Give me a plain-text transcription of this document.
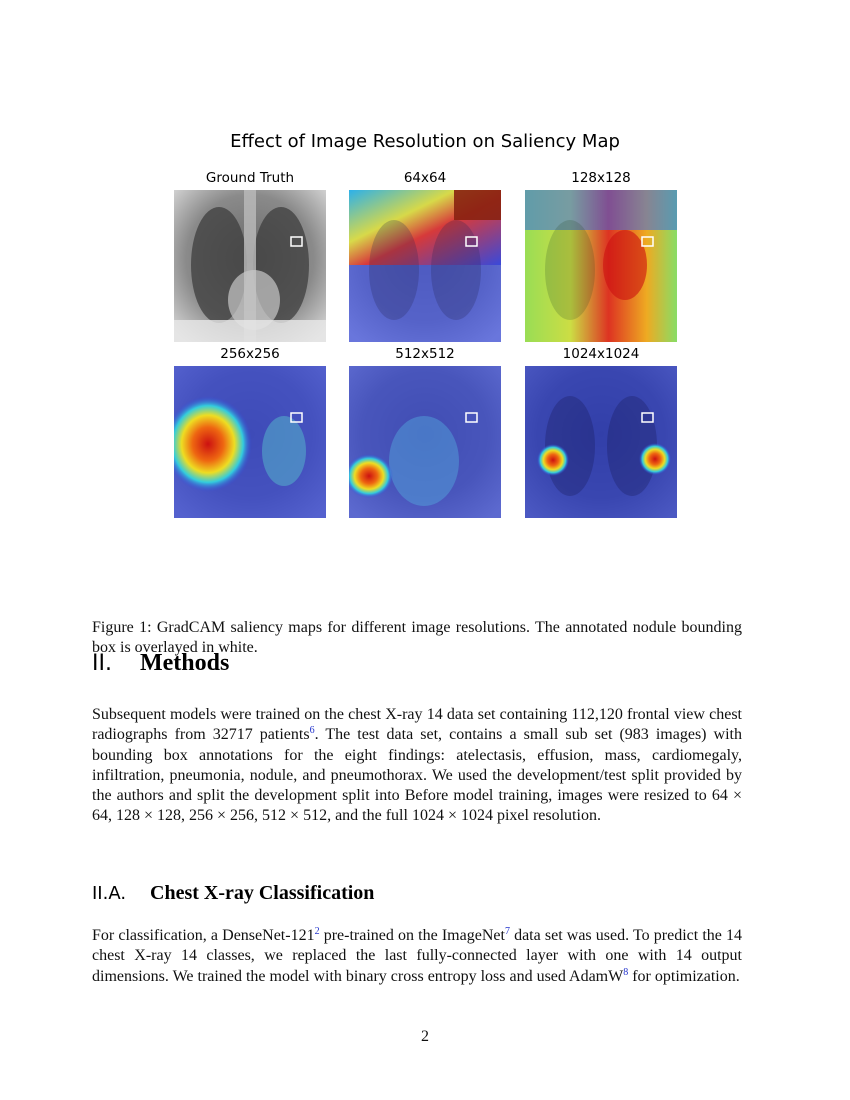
Effect of Image Resolution on Saliency Map
Ground Truth	64x64	128x128
256x256	512x512	1024x1024
Figure 1: GradCAM saliency maps for different image resolutions. The annotated nodule bounding box is overlayed in white.
II. Methods
Subsequent models were trained on the chest X-ray 14 data set containing 112,120 frontal view chest radiographs from 32717 patients$^6$. The test data set, contains a small sub set (983 images) with bounding box annotations for the eight findings: atelectasis, effusion, mass, cardiomegaly, infiltration, pneumonia, nodule, and pneumothorax. We used the development/test split provided by the authors and split the development split into Before model training, images were resized to 64 × 64, 128 × 128, 256 × 256, 512 × 512, and the full 1024 × 1024 pixel resolution.
II.A. Chest X-ray Classification
For classification, a DenseNet-$121^2$ pre-trained on the ImageNet$^7$ data set was used. To predict the 14 chest X-ray 14 classes, we replaced the last fully-connected layer with one with 14 output dimensions. We trained the model with binary cross entropy loss and used AdamW$^8$ for optimization.
2
